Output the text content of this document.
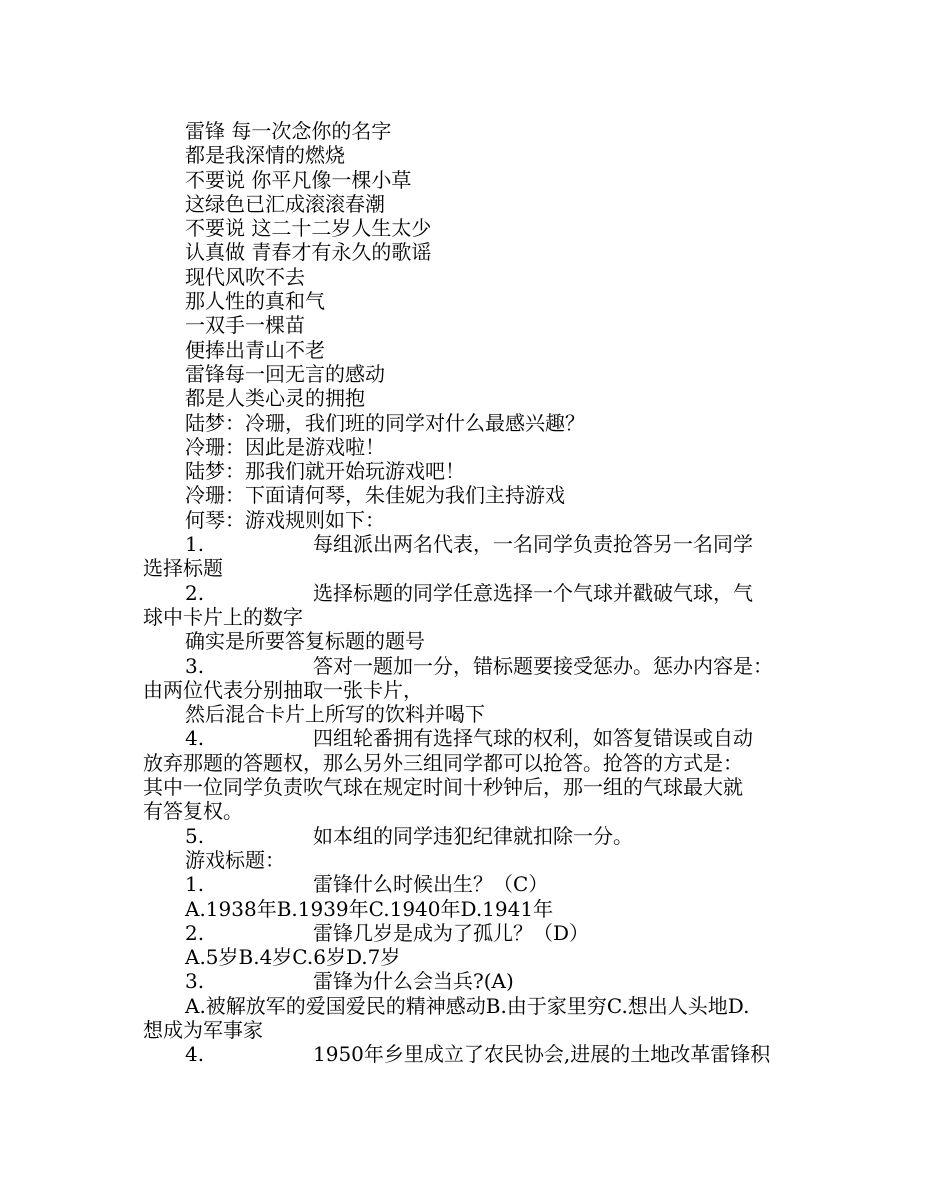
雷锋 每一次念你的名字
都是我深情的燃烧
不要说 你平凡像一棵小草
这绿色已汇成滚滚春潮
不要说 这二十二岁人生太少
认真做 青春才有永久的歌谣
现代风吹不去
那人性的真和气
一双手一棵苗
便捧出青山不老
雷锋每一回无言的感动
都是人类心灵的拥抱
陆梦：冷珊，我们班的同学对什么最感兴趣？
冷珊：因此是游戏啦！
陆梦：那我们就开始玩游戏吧！
冷珊：下面请何琴，朱佳妮为我们主持游戏
何琴：游戏规则如下：
1.	每组派出两名代表，一名同学负责抢答另一名同学
选择标题
2.	选择标题的同学任意选择一个气球并戳破气球，气
球中卡片上的数字
确实是所要答复标题的题号
3.	答对一题加一分，错标题要接受惩办。惩办内容是：
由两位代表分别抽取一张卡片，
然后混合卡片上所写的饮料并喝下
4.	四组轮番拥有选择气球的权利，如答复错误或自动
放弃那题的答题权，那么另外三组同学都可以抢答。抢答的方式是：
其中一位同学负责吹气球在规定时间十秒钟后，那一组的气球最大就
有答复权。
5.	如本组的同学违犯纪律就扣除一分。
游戏标题：
1.	雷锋什么时候出生？（C）
A.1938年B.1939年C.1940年D.1941年
2.	雷锋几岁是成为了孤儿？（D）
A.5岁B.4岁C.6岁D.7岁
3.	雷锋为什么会当兵?(A)
A.被解放军的爱国爱民的精神感动B.由于家里穷C.想出人头地D.
想成为军事家
4.	1950年乡里成立了农民协会,进展的土地改革雷锋积
